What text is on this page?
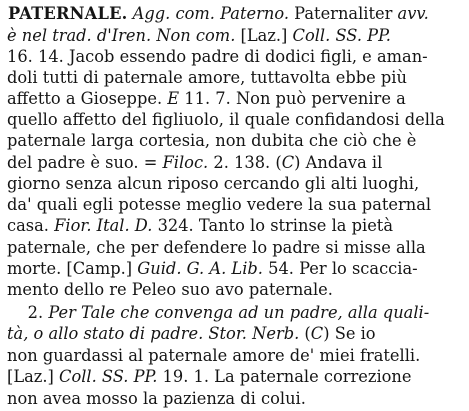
PATERNALE. Agg. com. Paterno. Paternaliter avv.
è nel trad. d'Iren. Non com. [Laz.] Coll. SS. PP.
16. 14. Jacob essendo padre di dodici figli, e aman-
doli tutti di paternale amore, tuttavolta ebbe più
affetto a Gioseppe. E 11. 7. Non può pervenire a
quello affetto del figliuolo, il quale confidandosi della
paternale larga cortesia, non dubita che ciò che è
del padre è suo. = Filoc. 2. 138. (C) Andava il
giorno senza alcun riposo cercando gli alti luoghi,
da' quali egli potesse meglio vedere la sua paternal
casa. Fior. Ital. D. 324. Tanto lo strinse la pietà
paternale, che per defendere lo padre si misse alla
morte. [Camp.] Guid. G. A. Lib. 54. Per lo scaccia-
mento dello re Peleo suo avo paternale.
2. Per Tale che convenga ad un padre, alla quali-
tà, o allo stato di padre. Stor. Nerb. (C) Se io
non guardassi al paternale amore de' miei fratelli.
[Laz.] Coll. SS. PP. 19. 1. La paternale correzione
non avea mosso la pazienza di colui.
